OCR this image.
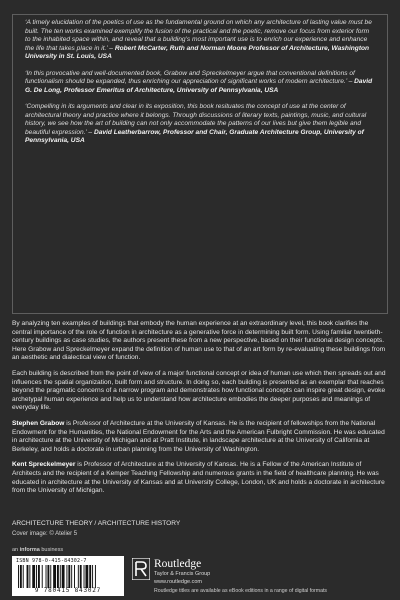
‘A timely elucidation of the poetics of use as the fundamental ground on which any architecture of lasting value must be built. The ten works examined exemplify the fusion of the practical and the poetic, remove our focus from exterior form to the inhabited space within, and reveal that a building’s most important use is to enrich our experience and enhance the life that takes place in it.’ – Robert McCarter, Ruth and Norman Moore Professor of Architecture, Washington University in St. Louis, USA

‘In this provocative and well-documented book, Grabow and Spreckelmeyer argue that conventional definitions of functionalism should be expanded, thus enriching our appreciation of significant works of modern architecture.’ – David G. De Long, Professor Emeritus of Architecture, University of Pennsylvania, USA

‘Compelling in its arguments and clear in its exposition, this book resituates the concept of use at the center of architectural theory and practice where it belongs. Through discussions of literary texts, paintings, music, and cultural history, we see how the art of building can not only accommodate the patterns of our lives but give them legible and beautiful expression.’ – David Leatherbarrow, Professor and Chair, Graduate Architecture Group, University of Pennsylvania, USA

By analyzing ten examples of buildings that embody the human experience at an extraordinary level, this book clarifies the central importance of the role of function in architecture as a generative force in determining built form. Using familiar twentieth-century buildings as case studies, the authors present these from a new perspective, based on their functional design concepts. Here Grabow and Spreckelmeyer expand the definition of human use to that of an art form by re-evaluating these buildings from an aesthetic and dialectical view of function.

Each building is described from the point of view of a major functional concept or idea of human use which then spreads out and influences the spatial organization, built form and structure. In doing so, each building is presented as an exemplar that reaches beyond the pragmatic concerns of a narrow program and demonstrates how functional concepts can inspire great design, evoke archetypal human experience and help us to understand how architecture embodies the deeper purposes and meanings of everyday life.

Stephen Grabow is Professor of Architecture at the University of Kansas. He is the recipient of fellowships from the National Endowment for the Humanities, the National Endowment for the Arts and the American Fulbright Commission. He was educated in architecture at the University of Michigan and at Pratt Institute, in landscape architecture at the University of California at Berkeley, and holds a doctorate in urban planning from the University of Washington.

Kent Spreckelmeyer is Professor of Architecture at the University of Kansas. He is a Fellow of the American Institute of Architects and the recipient of a Kemper Teaching Fellowship and numerous grants in the field of healthcare planning. He was educated in architecture at the University of Kansas and at University College, London, UK and holds a doctorate in architecture from the University of Michigan.

ARCHITECTURE THEORY / ARCHITECTURE HISTORY

Cover image: © Atelier 5
an informa business
ISBN 978-0-415-84302-7
9 780415 843027
Routledge
Taylor & Francis Group
www.routledge.com
Routledge titles are available as eBook editions in a range of digital formats
